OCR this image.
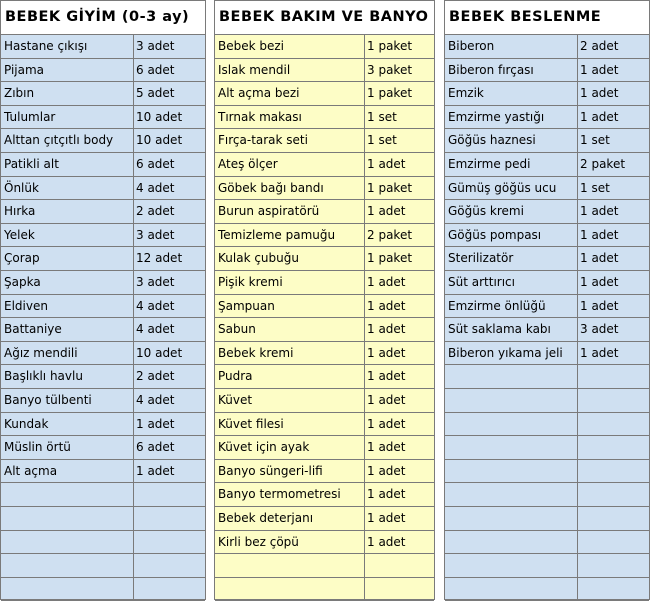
BEBEK GİYİM (0-3 ay)
Hastane çıkışı	3 adet
Pijama	6 adet
Zıbın	5 adet
Tulumlar	10 adet
Alttan çıtçıtlı body 10 adet
Patikli alt	6 adet
Önlük	4 adet
Hırka	2 adet
Yelek	3 adet
Çorap	12 adet
Şapka	3 adet
Eldiven	4 adet
Battaniye	4 adet
Ağız mendili	10 adet
Başlıklı havlu	2 adet
Banyo tülbenti	4 adet
Kundak	1 adet
Müslin örtü	6 adet
Alt açma	1 adet
BEBEK BAKIM VE BANYO
Bebek bezi	1 paket
Islak mendil	3 paket
Alt açma bezi	1 paket
Tırnak makası	1 set
Fırça-tarak seti	1 set
Ateş ölçer	1 adet
Göbek bağı bandı	1 paket
Burun aspiratörü	1 adet
Temizleme pamuğu	2 paket
Kulak çubuğu	1 paket
Pişik kremi	1 adet
Şampuan	1 adet
Sabun	1 adet
Bebek kremi	1 adet
Pudra	1 adet
Küvet	1 adet
Küvet filesi	1 adet
Küvet için ayak	1 adet
Banyo süngeri-lifi	1 adet
Banyo termometresi 1 adet
Bebek deterjanı	1 adet
Kirli bez çöpü	1 adet
BEBEK BESLENME
Biberon	2 adet
Biberon fırçası	1 adet
Emzik	1 adet
Emzirme yastığı	1 adet
Göğüs haznesi	1 set
Emzirme pedi	2 paket
Gümüş göğüs ucu 1 set
Göğüs kremi	1 adet
Göğüs pompası	1 adet
Sterilizatör	1 adet
Süt arttırıcı	1 adet
Emzirme önlüğü	1 adet
Süt saklama kabı 3 adet
Biberon yıkama jeli 1 adet
